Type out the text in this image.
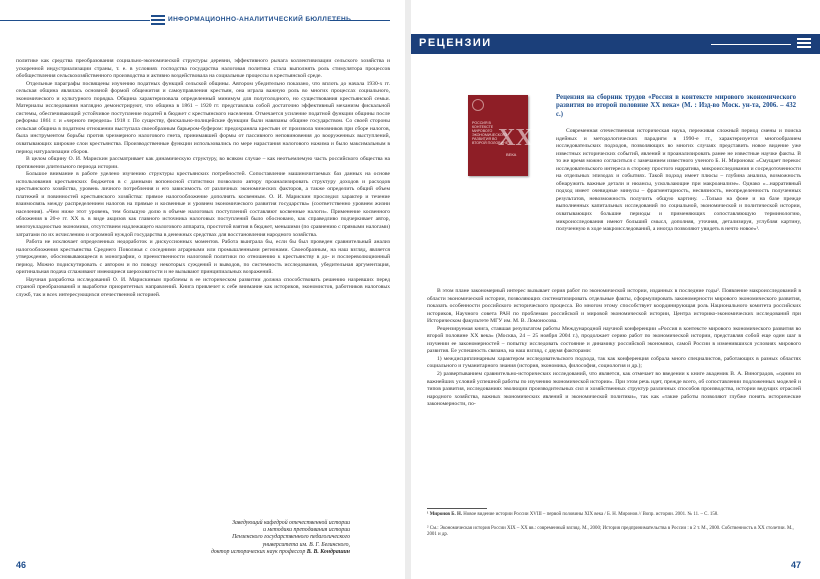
ИНФОРМАЦИОННО-АНАЛИТИЧЕСКИЙ БЮЛЛЕТЕНЬ

политике как средства преобразования социально-экономической структуры деревни, эффективного рычага коллективизации сельского хозяйства и ускоренной индустриализации страны, т. е. в условиях господства государства налоговая политика стала выполнять роль стимулятора процессов обобществления сельскохозяйственного производства и активно воздействовала на социальные процессы в крестьянской среде.

Отдельные параграфы посвящены изучению податных функций сельской общины. Автором убедительно показано, что вплоть до начала 1930-х гг. сельская община являлась основной формой общежития и самоуправления крестьян, она играла важную роль во многих процессах социального, экономического и культурного порядка. Община характеризовала определенный минимум для полуголодного, но существования крестьянской семьи. Материалы исследования наглядно демонстрируют, что община в 1861 – 1920 гг. представляла собой достаточно эффективный механизм фискальной системы, обеспечивающий устойчивое поступление податей в бюджет с крестьянского населения. Отмечается усиление податной функции общины после реформы 1861 г. и «черного передела» 1918 г. По существу, фискально-полицейские функции были навязаны общине государством. Со своей стороны сельская община в податном отношении выступала своеобразным барьером-буфером: предохраняла крестьян от произвола чиновников при сборе налогов, была инструментом борьбы против чрезмерного налогового гнета, принимавшей формы от пассивного неповиновения до вооруженных выступлений, охватывающих широкие слои крестьянства. Производственные функции использовались по мере нарастания налогового нажима и было максимальным в период натурализации сборов.

В целом общину О. И. Марискин рассматривает как динамическую структуру, во всяком случае – как неотъемлемую часть российского общества на протяжении длительного периода истории.

Большое внимание в работе уделено изучению структуры крестьянских потребностей. Сопоставление машиночитаемых баз данных на основе использования крестьянских бюджетов в с данными вопоносной статистики позволило автору проанализировать структуру доходов и расходов крестьянского хозяйства, уровень личного потребления и его зависимость от различных экономических факторов, а также определить общий объем платежей и повинностей крестьянского хозяйства: прямое налогообложение дополнять косвенным. О. И. Марискин проследил характер и течение взаимосвязь между распределением налогов на прямые и косвенные и уровнем экономического развития государства» (соответственно уровнем жизни населения). «Чем ниже этот уровень, тем большую долю в объеме налоговых поступлений составляют косвенные налоги». Применение косвенного обложения в 20-е гг. XX в. в виде акцизов как главного источника налоговых поступлений было обосновано, как справедливо подчеркивает автор, многоукладностью экономики, отсутствием надлежащего налогового аппарата, простотой взятия в бюджет, меньшими (по сравнению с прямыми налогами) затратами по их исчислению и огромной нуждой государства в денежных средствах для восстановления народного хозяйства.

Работа не исключает определенных недоработок и дискуссионных моментов. Работа выиграла бы, если бы был проведен сравнительный анализ налогообложения крестьянства Среднего Поволжья с соседними аграрными или промышленными регионами. Своеобразным, на наш взгляд, является утверждение, обосновывающееся в монографии, о преемственности налоговой политики по отношению к крестьянству в до- и послереволюционный период. Можно подискутировать с автором и по поводу некоторых суждений и выводов, по системность исследования, убедительная аргументация, оригинальная подача сглаживают имеющиеся шероховатости и не вызывают принципиальных возражений.

Научная разработка исследований О. И. Марискиным проблемы в ее историческом развитии должна способствовать решению назревших перед страной преобразований и выработке приоритетных направлений. Книга привлечет к себе внимание как историков, экономистов, работников налоговых служб, так и всех интересующихся отечественной историей.

Заведующий кафедрой отечественной истории
и методики преподавания истории
Пензенского государственного педагогического
университета им. В. Г. Белинского,
доктор исторических наук профессор В. В. Кондрашин
46
РЕЦЕНЗИИ
РОССИЯ В КОНТЕКСТЕ МИРОВОГО ЭКОНОМИЧЕСКОГО РАЗВИТИЯ ВО ВТОРОЙ ПОЛОВИНЕ
XX
ВЕКА
Рецензия на сборник трудов «Россия в контексте мирового экономического развития во второй половине XX века» (М. : Изд-во Моск. ун-та, 2006. – 432 с.)

Современная отечественная историческая наука, переживая сложный период смены и поиска идейных и методологических парадигм в 1990-е гг., характеризуется многообразием исследовательских подходов, позволяющих во многих случаях представить новое видение уже известных исторических событий, явлений и проанализировать ранее не известные научке факты. В то же время можно согласиться с замечанием известного ученого Б. Н. Миронова: «Смущает перекос исследовательского интереса в сторону простого нарратива, микроисследования и сосредоточенности на отдельных эпизодах и событиях. Такой подход имеет плюсы – глубина анализа, возможность обнаружить важные детали и нюансы, ускользающие при макроанализе». Однако «...нарративный подход имеет очевидные минусы – фрагментарность, несвязность, неопределенность полученных результатов, невозможность получить общую картину. ...Только на фоне и на базе прежде выполненных капитальных исследований по социальной, экономической и политической истории, охватывающих большие периоды и применяющих сопоставляющую терминологию, микроисследования имеют больший смысл, дополняя, уточняя, детализируя, углубляя картину, полученную в ходе макроисследований, а иногда позволяют увидеть в нечто новое»¹.

В этом плане закономерный интерес вызывает серия работ по экономической истории, изданных в последние годы². Появление макроисследований в области экономической истории, позволяющих систематизировать отдельные факты, сформулировать закономерности мирового экономического развития, показать особенности российского исторического процесса. Во многом этому способствует координирующая роль Национального комитета российских историков, Научного совета РАН по проблемам российской и мировой экономической истории, Центра историко-экономических исследований при Историческом факультете МГУ им. М. В. Ломоносова.

Рецензируемая книга, ставшая результатом работы Международной научной конференции «Россия в контексте мирового экономического развития во второй половине XX века» (Москва, 24 – 25 ноября 2004 г.), продолжает серию работ по экономической истории, представляя собой еще один шаг в изучении ее закономерностей – попытку исследовать состояние и динамику российской экономики, самой России в изменившихся условиях мирового развития. Ее успешность связана, на наш взгляд, с двумя факторами:

1) междисциплинарным характером исследовательского подхода, так как конференция собрала много специалистов, работающих в разных областях социального и гуманитарного знания (история, экономика, философия, социология и др.);

2) развертыванием сравнительно-исторических исследований, что является, как отмечает во введении к книге академик В. А. Виноградов, «одним из важнейших условий успешной работы по изучению экономической истории». При этом речь идет, прежде всего, об сопоставлении подложенных моделей и типов развития, исследованиях эволюции производительных сил и хозяйственных структур различных способов производства, истории ведущих отраслей народного хозяйства, важных экономических явлений и экономической политики», так как «такие работы позволяют глубже понять исторические закономерности, по-

¹ Миронов Б. Н. Новое видение истории России XVIII – первой половины XIX века / Б. Н. Миронов // Вопр. истории. 2001. № 11. – С. 158.
² См.: Экономическая история России XIX – XX вв.: современный взгляд. М., 2000; История предпринимательства в России : в 2 т. М., 2000. Собственность в XX столетии. М., 2001 и др.
47
